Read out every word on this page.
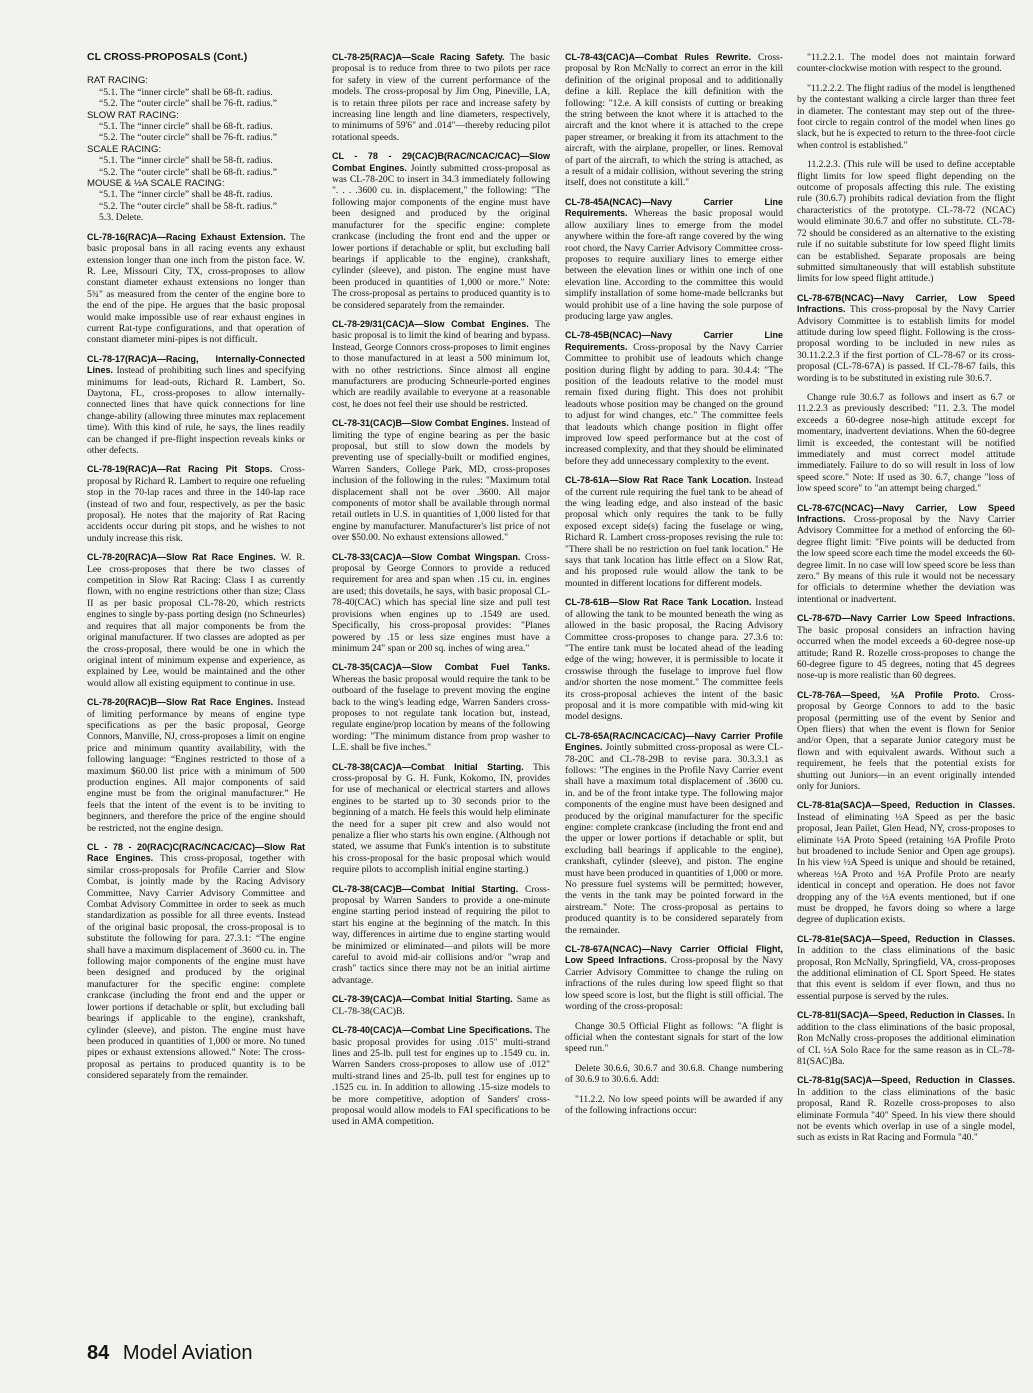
CL CROSS-PROPOSALS (Cont.)

RAT RACING:

“5.1. The “inner circle” shall be 68-ft. radius.

“5.2. The “outer circle” shall be 76-ft. radius.”

SLOW RAT RACING:

“5.1. The “inner circle” shall be 68-ft. radius.

“5.2. The “outer circle” shall be 76-ft. radius.”

SCALE RACING:

“5.1. The “inner circle” shall be 58-ft. radius.

“5.2. The “outer circle” shall be 68-ft. radius.”

MOUSE & ½A SCALE RACING:

“5.1. The “inner circle” shall be 48-ft. radius.

“5.2. The “outer circle” shall be 58-ft. radius.”

5.3. Delete.

CL-78-16(RAC)A—Racing Exhaust Extension. The basic proposal bans in all racing events any exhaust extension longer than one inch from the piston face. W. R. Lee, Missouri City, TX, cross-proposes to allow constant diameter exhaust extensions no longer than 5¾" as measured from the center of the engine bore to the end of the pipe. He argues that the basic proposal would make impossible use of rear exhaust engines in current Rat-type configurations, and that operation of constant diameter mini-pipes is not difficult.

CL-78-17(RAC)A—Racing, Internally-Connected Lines. Instead of prohibiting such lines and specifying minimums for lead-outs, Richard R. Lambert, So. Daytona, FL, cross-proposes to allow internally-connected lines that have quick connections for line change-ability (allowing three minutes max replacement time). With this kind of rule, he says, the lines readily can be changed if pre-flight inspection reveals kinks or other defects.

CL-78-19(RAC)A—Rat Racing Pit Stops. Cross-proposal by Richard R. Lambert to require one refueling stop in the 70-lap races and three in the 140-lap race (instead of two and four, respectively, as per the basic proposal). He notes that the majority of Rat Racing accidents occur during pit stops, and he wishes to not unduly increase this risk.

CL-78-20(RAC)A—Slow Rat Race Engines. W. R. Lee cross-proposes that there be two classes of competition in Slow Rat Racing: Class I as currently flown, with no engine restrictions other than size; Class II as per basic proposal CL-78-20, which restricts engines to single by-pass porting design (no Schneurles) and requires that all major components be from the original manufacturer. If two classes are adopted as per the cross-proposal, there would be one in which the original intent of minimum expense and experience, as explained by Lee, would be maintained and the other would allow all existing equipment to continue in use.

CL-78-20(RAC)B—Slow Rat Race Engines. Instead of limiting performance by means of engine type specifications as per the basic proposal, George Connors, Manville, NJ, cross-proposes a limit on engine price and minimum quantity availability, with the following language: “Engines restricted to those of a maximum $60.00 list price with a minimum of 500 production engines. All major components of said engine must be from the original manufacturer.” He feels that the intent of the event is to be inviting to beginners, and therefore the price of the engine should be restricted, not the engine design.

CL - 78 - 20(RAC)C(RAC/NCAC/CAC)—Slow Rat Race Engines. This cross-proposal, together with similar cross-proposals for Profile Carrier and Slow Combat, is jointly made by the Racing Advisory Committee, Navy Carrier Advisory Committee and Combat Advisory Committee in order to seek as much standardization as possible for all three events. Instead of the original basic proposal, the cross-proposal is to substitute the following for para. 27.3.1: “The engine shall have a maximum displacement of .3600 cu. in. The following major components of the engine must have been designed and produced by the original manufacturer for the specific engine: complete crankcase (including the front end and the upper or lower portions if detachable or split, but excluding ball bearings if applicable to the engine), crankshaft, cylinder (sleeve), and piston. The engine must have been produced in quantities of 1,000 or more. No tuned pipes or exhaust extensions allowed.” Note: The cross-proposal as pertains to produced quantity is to be considered separately from the remainder.

CL-78-25(RAC)A—Scale Racing Safety. The basic proposal is to reduce from three to two pilots per race for safety in view of the current performance of the models. The cross-proposal by Jim Ong, Pineville, LA, is to retain three pilots per race and increase safety by increasing line length and line diameters, respectively, to minimums of 59'6" and .014"—thereby reducing pilot rotational speeds.

CL - 78 - 29(CAC)B(RAC/NCAC/CAC)—Slow Combat Engines. Jointly submitted cross-proposal as was CL-78-20C to insert in 34.3 immediately following ". . . .3600 cu. in. displacement," the following: "The following major components of the engine must have been designed and produced by the original manufacturer for the specific engine: complete crankcase (including the front end and the upper or lower portions if detachable or split, but excluding ball bearings if applicable to the engine), crankshaft, cylinder (sleeve), and piston. The engine must have been produced in quantities of 1,000 or more." Note: The cross-proposal as pertains to produced quantity is to be considered separately from the remainder.

CL-78-29/31(CAC)A—Slow Combat Engines. The basic proposal is to limit the kind of bearing and bypass. Instead, George Connors cross-proposes to limit engines to those manufactured in at least a 500 minimum lot, with no other restrictions. Since almost all engine manufacturers are producing Schneurle-ported engines which are readily available to everyone at a reasonable cost, he does not feel their use should be restricted.

CL-78-31(CAC)B—Slow Combat Engines. Instead of limiting the type of engine bearing as per the basic proposal, but still to slow down the models by preventing use of specially-built or modified engines, Warren Sanders, College Park, MD, cross-proposes inclusion of the following in the rules: "Maximum total displacement shall not be over .3600. All major components of motor shall be available through normal retail outlets in U.S. in quantities of 1,000 listed for that engine by manufacturer. Manufacturer's list price of not over $50.00. No exhaust extensions allowed."

CL-78-33(CAC)A—Slow Combat Wingspan. Cross-proposal by George Connors to provide a reduced requirement for area and span when .15 cu. in. engines are used; this dovetails, he says, with basic proposal CL-78-40(CAC) which has special line size and pull test provisions when engines up to .1549 are used. Specifically, his cross-proposal provides: "Planes powered by .15 or less size engines must have a minimum 24" span or 200 sq. inches of wing area."

CL-78-35(CAC)A—Slow Combat Fuel Tanks. Whereas the basic proposal would require the tank to be outboard of the fuselage to prevent moving the engine back to the wing's leading edge, Warren Sanders cross-proposes to not regulate tank location but, instead, regulate engine/prop location by means of the following wording: "The minimum distance from prop washer to L.E. shall be five inches."

CL-78-38(CAC)A—Combat Initial Starting. This cross-proposal by G. H. Funk, Kokomo, IN, provides for use of mechanical or electrical starters and allows engines to be started up to 30 seconds prior to the beginning of a match. He feels this would help eliminate the need for a super pit crew and also would not penalize a flier who starts his own engine. (Although not stated, we assume that Funk's intention is to substitute his cross-proposal for the basic proposal which would require pilots to accomplish initial engine starting.)

CL-78-38(CAC)B—Combat Initial Starting. Cross-proposal by Warren Sanders to provide a one-minute engine starting period instead of requiring the pilot to start his engine at the beginning of the match. In this way, differences in airtime due to engine starting would be minimized or eliminated—and pilots will be more careful to avoid mid-air collisions and/or "wrap and crash" tactics since there may not be an initial airtime advantage.

CL-78-39(CAC)A—Combat Initial Starting. Same as CL-78-38(CAC)B.

CL-78-40(CAC)A—Combat Line Specifications. The basic proposal provides for using .015" multi-strand lines and 25-lb. pull test for engines up to .1549 cu. in. Warren Sanders cross-proposes to allow use of .012" multi-strand lines and 25-lb. pull test for engines up to .1525 cu. in. In addition to allowing .15-size models to be more competitive, adoption of Sanders' cross-proposal would allow models to FAI specifications to be used in AMA competition.

CL-78-43(CAC)A—Combat Rules Rewrite. Cross-proposal by Ron McNally to correct an error in the kill definition of the original proposal and to additionally define a kill. Replace the kill definition with the following: "12.e. A kill consists of cutting or breaking the string between the knot where it is attached to the aircraft and the knot where it is attached to the crepe paper streamer, or breaking it from its attachment to the aircraft, with the airplane, propeller, or lines. Removal of part of the aircraft, to which the string is attached, as a result of a midair collision, without severing the string itself, does not constitute a kill."

CL-78-45A(NCAC)—Navy Carrier Line Requirements. Whereas the basic proposal would allow auxiliary lines to emerge from the model anywhere within the fore-aft range covered by the wing root chord, the Navy Carrier Advisory Committee cross-proposes to require auxiliary lines to emerge either between the elevation lines or within one inch of one elevation line. According to the committee this would simplify installation of some home-made bellcranks but would prohibit use of a line having the sole purpose of producing large yaw angles.

CL-78-45B(NCAC)—Navy Carrier Line Requirements. Cross-proposal by the Navy Carrier Committee to prohibit use of leadouts which change position during flight by adding to para. 30.4.4: "The position of the leadouts relative to the model must remain fixed during flight. This does not prohibit leadouts whose position may be changed on the ground to adjust for wind changes, etc." The committee feels that leadouts which change position in flight offer improved low speed performance but at the cost of increased complexity, and that they should be eliminated before they add unnecessary complexity to the event.

CL-78-61A—Slow Rat Race Tank Location. Instead of the current rule requiring the fuel tank to be ahead of the wing leading edge, and also instead of the basic proposal which only requires the tank to be fully exposed except side(s) facing the fuselage or wing, Richard R. Lambert cross-proposes revising the rule to: "There shall be no restriction on fuel tank location." He says that tank location has little effect on a Slow Rat, and his proposed rule would allow the tank to be mounted in different locations for different models.

CL-78-61B—Slow Rat Race Tank Location. Instead of allowing the tank to be mounted beneath the wing as allowed in the basic proposal, the Racing Advisory Committee cross-proposes to change para. 27.3.6 to: "The entire tank must be located ahead of the leading edge of the wing; however, it is permissible to locate it crosswise through the fuselage to improve fuel flow and/or shorten the nose moment." The committee feels its cross-proposal achieves the intent of the basic proposal and it is more compatible with mid-wing kit model designs.

CL-78-65A(RAC/NCAC/CAC)—Navy Carrier Profile Engines. Jointly submitted cross-proposal as were CL-78-20C and CL-78-29B to revise para. 30.3.3.1 as follows: "The engines in the Profile Navy Carrier event shall have a maximum total displacement of .3600 cu. in. and be of the front intake type. The following major components of the engine must have been designed and produced by the original manufacturer for the specific engine: complete crankcase (including the front end and the upper or lower portions if detachable or split, but excluding ball bearings if applicable to the engine), crankshaft, cylinder (sleeve), and piston. The engine must have been produced in quantities of 1,000 or more. No pressure fuel systems will be permitted; however, the vents in the tank may be pointed forward in the airstream." Note: The cross-proposal as pertains to produced quantity is to be considered separately from the remainder.

CL-78-67A(NCAC)—Navy Carrier Official Flight, Low Speed Infractions. Cross-proposal by the Navy Carrier Advisory Committee to change the ruling on infractions of the rules during low speed flight so that low speed score is lost, but the flight is still official. The wording of the cross-proposal:

Change 30.5 Official Flight as follows: "A flight is official when the contestant signals for start of the low speed run."

Delete 30.6.6, 30.6.7 and 30.6.8. Change numbering of 30.6.9 to 30.6.6. Add:

"11.2.2. No low speed points will be awarded if any of the following infractions occur:

"11.2.2.1. The model does not maintain forward counter-clockwise motion with respect to the ground.

"11.2.2.2. The flight radius of the model is lengthened by the contestant walking a circle larger than three feet in diameter. The contestant may step out of the three-foot circle to regain control of the model when lines go slack, but he is expected to return to the three-foot circle when control is established."

11.2.2.3. (This rule will be used to define acceptable flight limits for low speed flight depending on the outcome of proposals affecting this rule. The existing rule (30.6.7) prohibits radical deviation from the flight characteristics of the prototype. CL-78-72 (NCAC) would eliminate 30.6.7 and offer no substitute. CL-78-72 should be considered as an alternative to the existing rule if no suitable substitute for low speed flight limits can be established. Separate proposals are being submitted simultaneously that will establish substitute limits for low speed flight attitude.)

CL-78-67B(NCAC)—Navy Carrier, Low Speed Infractions. This cross-proposal by the Navy Carrier Advisory Committee is to establish limits for model attitude during low speed flight. Following is the cross-proposal wording to be included in new rules as 30.11.2.2.3 if the first portion of CL-78-67 or its cross-proposal (CL-78-67A) is passed. If CL-78-67 fails, this wording is to be substituted in existing rule 30.6.7.

Change rule 30.6.7 as follows and insert as 6.7 or 11.2.2.3 as previously described: "11. 2.3. The model exceeds a 60-degree nose-high attitude except for momentary, inadvertent deviations. When the 60-degree limit is exceeded, the contestant will be notified immediately and must correct model attitude immediately. Failure to do so will result in loss of low speed score." Note: If used as 30. 6.7, change "loss of low speed score" to "an attempt being charged."

CL-78-67C(NCAC)—Navy Carrier, Low Speed Infractions. Cross-proposal by the Navy Carrier Advisory Committee for a method of enforcing the 60-degree flight limit: "Five points will be deducted from the low speed score each time the model exceeds the 60-degree limit. In no case will low speed score be less than zero." By means of this rule it would not be necessary for officials to determine whether the deviation was intentional or inadvertent.

CL-78-67D—Navy Carrier Low Speed Infractions. The basic proposal considers an infraction having occurred when the model exceeds a 60-degree nose-up attitude; Rand R. Rozelle cross-proposes to change the 60-degree figure to 45 degrees, noting that 45 degrees nose-up is more realistic than 60 degrees.

CL-78-76A—Speed, ½A Profile Proto. Cross-proposal by George Connors to add to the basic proposal (permitting use of the event by Senior and Open fliers) that when the event is flown for Senior and/or Open, that a separate Junior category must be flown and with equivalent awards. Without such a requirement, he feels that the potential exists for shutting out Juniors—in an event originally intended only for Juniors.

CL-78-81a(SAC)A—Speed, Reduction in Classes. Instead of eliminating ½A Speed as per the basic proposal, Jean Pailet, Glen Head, NY, cross-proposes to eliminate ½A Proto Speed (retaining ½A Profile Proto but broadened to include Senior and Open age groups). In his view ½A Speed is unique and should be retained, whereas ½A Proto and ½A Profile Proto are nearly identical in concept and operation. He does not favor dropping any of the ½A events mentioned, but if one must be dropped, he favors doing so where a large degree of duplication exists.

CL-78-81e(SAC)A—Speed, Reduction in Classes. In addition to the class eliminations of the basic proposal, Ron McNally, Springfield, VA, cross-proposes the additional elimination of CL Sport Speed. He states that this event is seldom if ever flown, and thus no essential purpose is served by the rules.

CL-78-81I(SAC)A—Speed, Reduction in Classes. In addition to the class eliminations of the basic proposal, Ron McNally cross-proposes the additional elimination of CL ½A Solo Race for the same reason as in CL-78-81(SAC)Ba.

CL-78-81g(SAC)A—Speed, Reduction in Classes. In addition to the class eliminations of the basic proposal, Rand R. Rozelle cross-proposes to also eliminate Formula "40" Speed. In his view there should not be events which overlap in use of a single model, such as exists in Rat Racing and Formula "40."

84 Model Aviation
